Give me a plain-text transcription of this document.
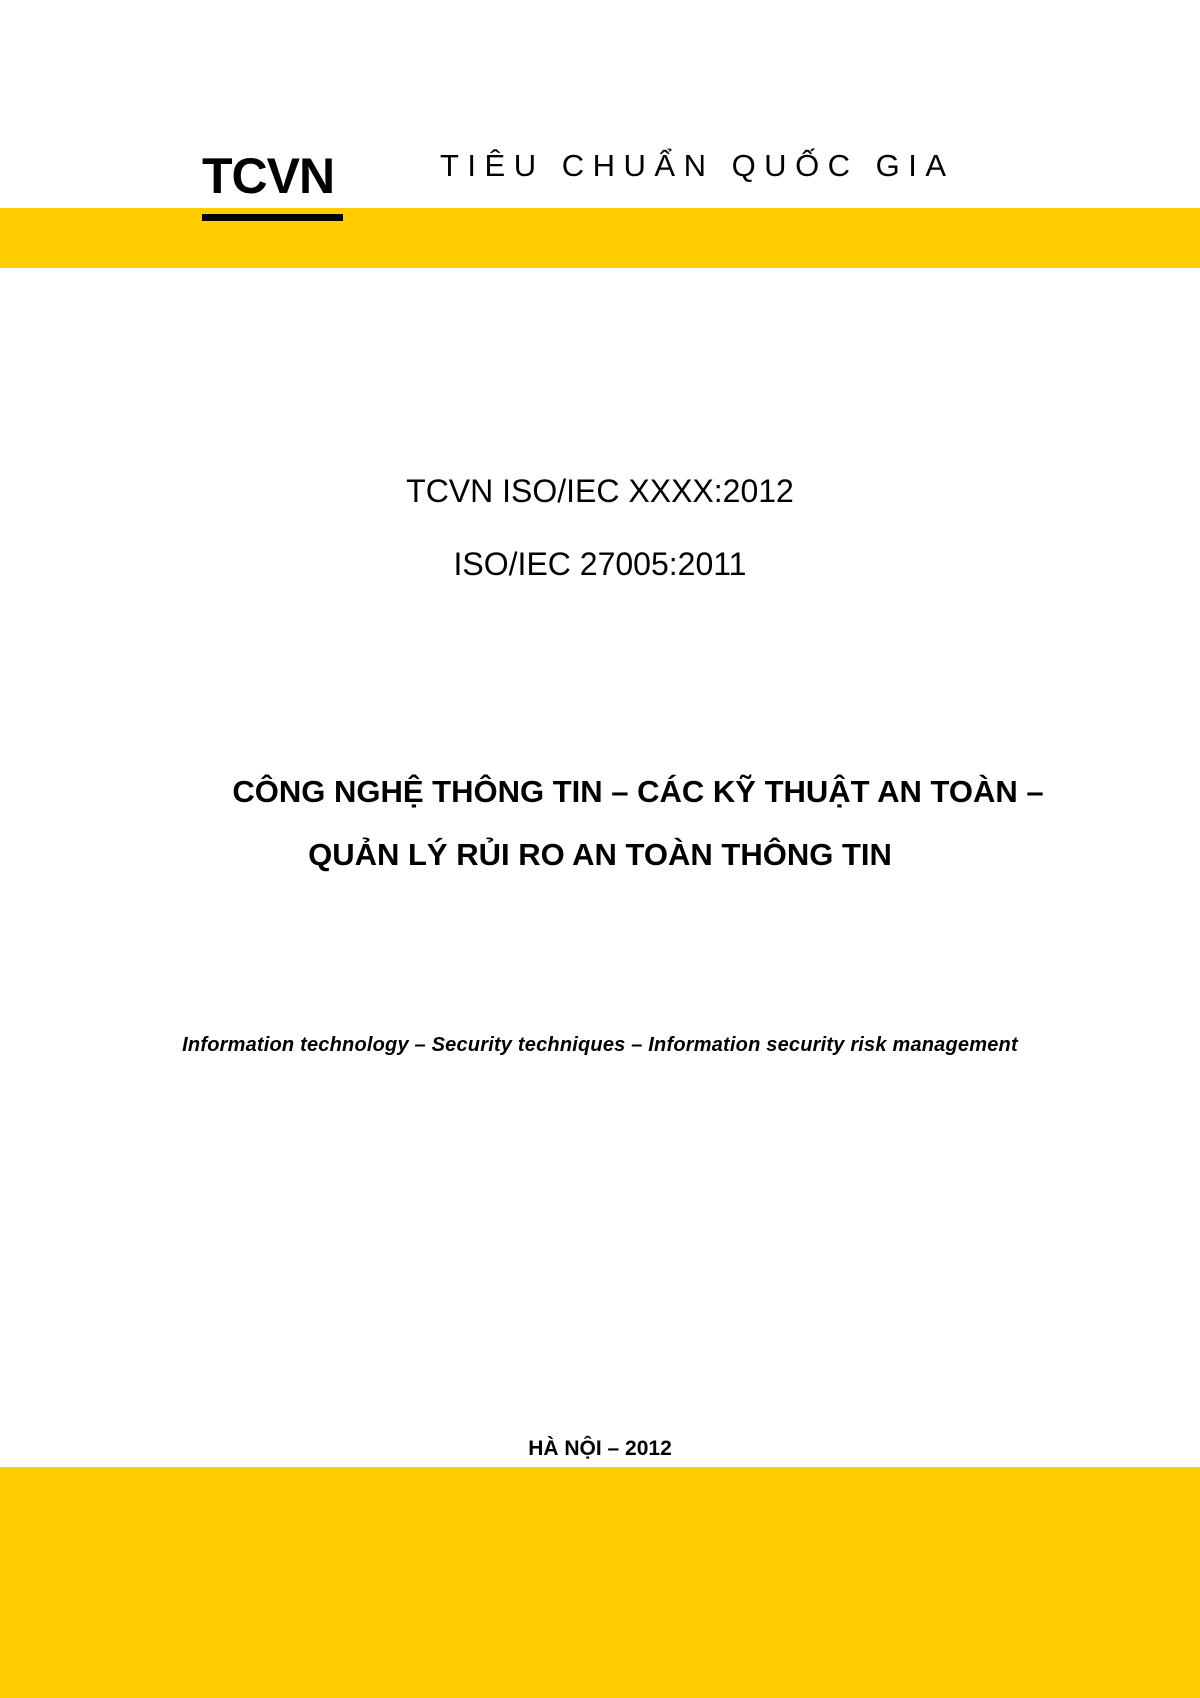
TCVN	TIÊU CHUẨN QUỐC GIA

TCVN ISO/IEC XXXX:2012

ISO/IEC 27005:2011

CÔNG NGHỆ THÔNG TIN – CÁC KỸ THUẬT AN TOÀN –

QUẢN LÝ RỦI RO AN TOÀN THÔNG TIN

Information technology – Security techniques – Information security risk management

HÀ NỘI – 2012
